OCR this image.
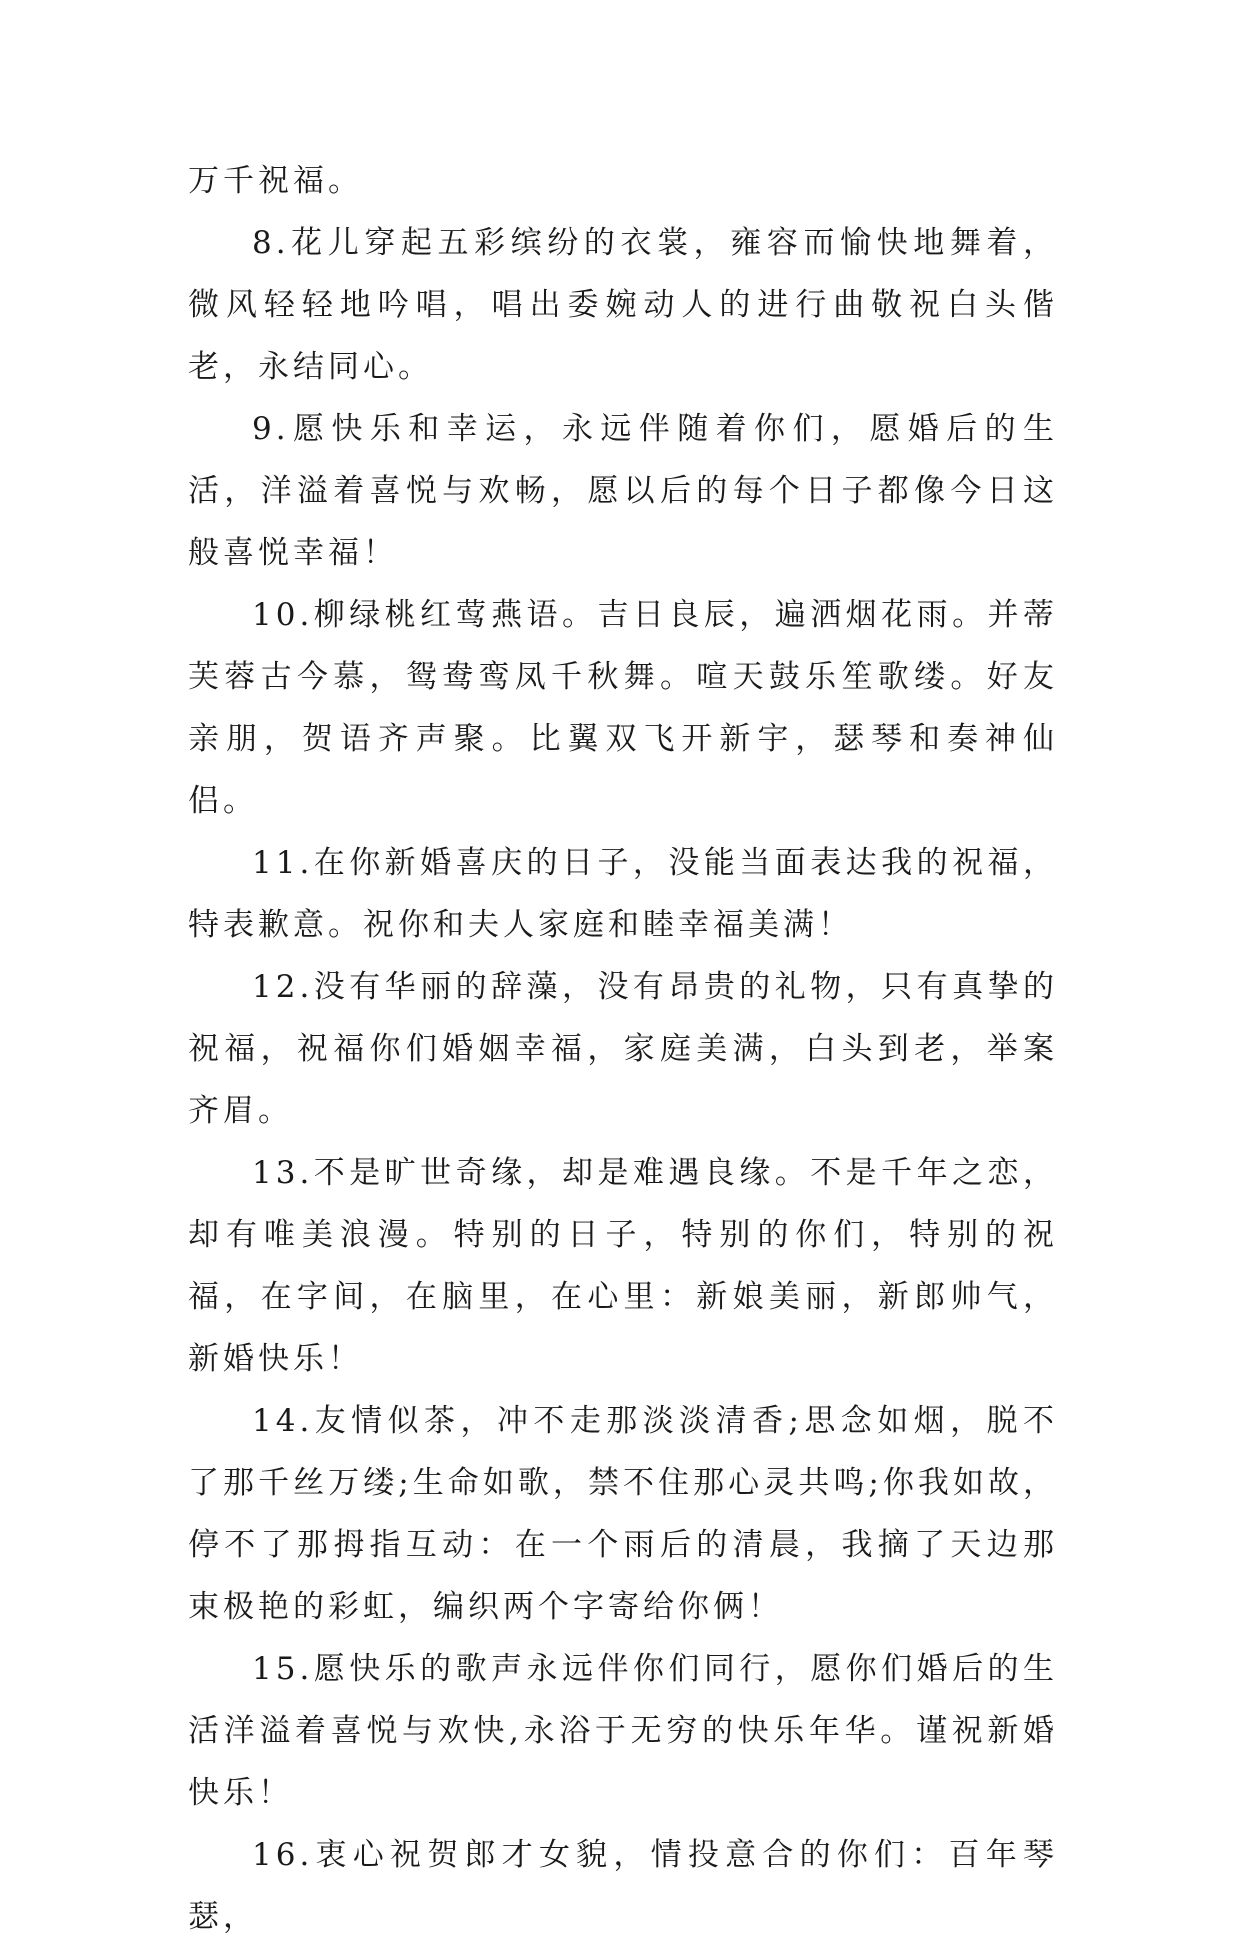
万千祝福。

8.花儿穿起五彩缤纷的衣裳，雍容而愉快地舞着，微风轻轻地吟唱，唱出委婉动人的进行曲敬祝白头偕老，永结同心。

9.愿快乐和幸运，永远伴随着你们，愿婚后的生活，洋溢着喜悦与欢畅，愿以后的每个日子都像今日这般喜悦幸福！

10.柳绿桃红莺燕语。吉日良辰，遍洒烟花雨。并蒂芙蓉古今慕，鸳鸯鸾凤千秋舞。喧天鼓乐笙歌缕。好友亲朋，贺语齐声聚。比翼双飞开新宇，瑟琴和奏神仙侣。

11.在你新婚喜庆的日子，没能当面表达我的祝福，特表歉意。祝你和夫人家庭和睦幸福美满！

12.没有华丽的辞藻，没有昂贵的礼物，只有真挚的祝福，祝福你们婚姻幸福，家庭美满，白头到老，举案齐眉。

13.不是旷世奇缘，却是难遇良缘。不是千年之恋，却有唯美浪漫。特别的日子，特别的你们，特别的祝福，在字间，在脑里，在心里：新娘美丽，新郎帅气，新婚快乐！

14.友情似茶，冲不走那淡淡清香;思念如烟，脱不了那千丝万缕;生命如歌，禁不住那心灵共鸣;你我如故，停不了那拇指互动：在一个雨后的清晨，我摘了天边那束极艳的彩虹，编织两个字寄给你俩！

15.愿快乐的歌声永远伴你们同行，愿你们婚后的生活洋溢着喜悦与欢快,永浴于无穷的快乐年华。谨祝新婚快乐！

16.衷心祝贺郎才女貌，情投意合的你们：百年琴瑟，
